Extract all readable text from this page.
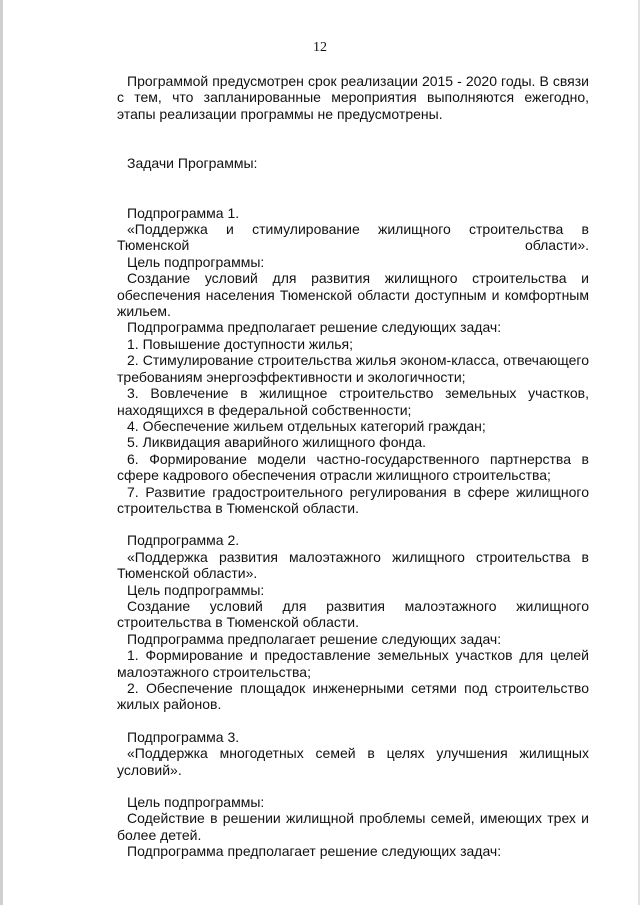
12

Программой предусмотрен срок реализации 2015 - 2020 годы. В связи с тем, что запланированные мероприятия выполняются ежегодно, этапы реализации программы не предусмотрены.

Задачи Программы:

Подпрограмма 1.

«Поддержка и стимулирование жилищного строительства в Тюменской области».

Цель подпрограммы:

Создание условий для развития жилищного строительства и обеспечения населения Тюменской области доступным и комфортным жильем.

Подпрограмма предполагает решение следующих задач:

1. Повышение доступности жилья;

2. Стимулирование строительства жилья эконом-класса, отвечающего требованиям энергоэффективности и экологичности;

3. Вовлечение в жилищное строительство земельных участков, находящихся в федеральной собственности;

4. Обеспечение жильем отдельных категорий граждан;

5. Ликвидация аварийного жилищного фонда.

6. Формирование модели частно-государственного партнерства в сфере кадрового обеспечения отрасли жилищного строительства;

7. Развитие градостроительного регулирования в сфере жилищного строительства в Тюменской области.

Подпрограмма 2.

«Поддержка развития малоэтажного жилищного строительства в Тюменской области».

Цель подпрограммы:

Создание условий для развития малоэтажного жилищного строительства в Тюменской области.

Подпрограмма предполагает решение следующих задач:

1. Формирование и предоставление земельных участков для целей малоэтажного строительства;

2. Обеспечение площадок инженерными сетями под строительство жилых районов.

Подпрограмма 3.

«Поддержка многодетных семей в целях улучшения жилищных условий».

Цель подпрограммы:

Содействие в решении жилищной проблемы семей, имеющих трех и более детей.

Подпрограмма предполагает решение следующих задач:
